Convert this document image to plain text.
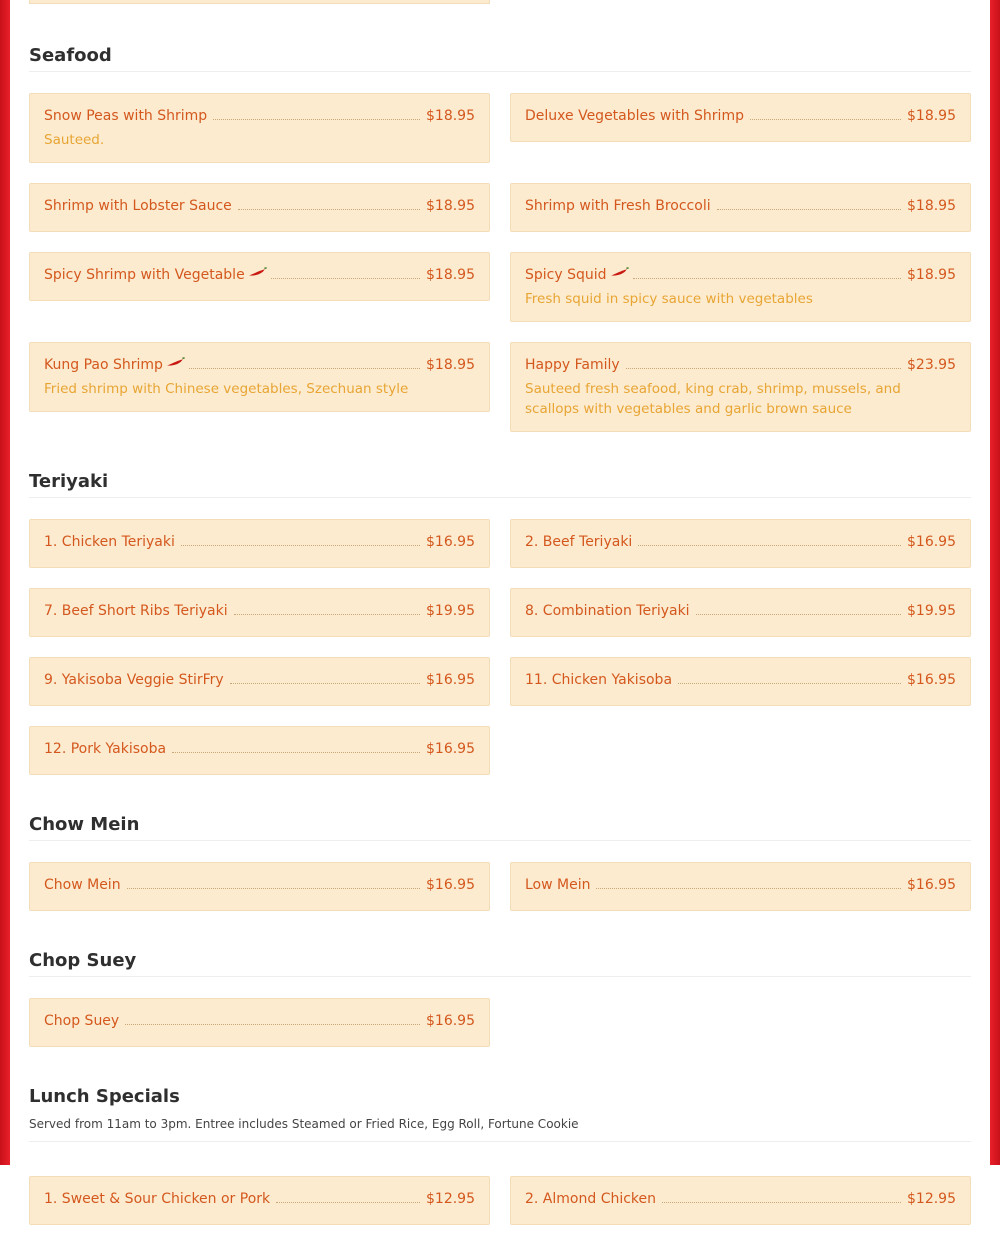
Seafood
Snow Peas with Shrimp	$18.95
Sauteed.
Deluxe Vegetables with Shrimp	$18.95
Shrimp with Lobster Sauce	$18.95	Shrimp with Fresh Broccoli	$18.95
Spicy Shrimp with Vegetable	$18.95	Spicy Squid	$18.95
Fresh squid in spicy sauce with vegetables
Kung Pao Shrimp	$18.95
Fried shrimp with Chinese vegetables, Szechuan style
Happy Family	$23.95
Sauteed fresh seafood, king crab, shrimp, mussels, and scallops with vegetables and garlic brown sauce
Teriyaki
1. Chicken Teriyaki	$16.95	2. Beef Teriyaki	$16.95
7. Beef Short Ribs Teriyaki	$19.95	8. Combination Teriyaki	$19.95
9. Yakisoba Veggie StirFry	$16.95	11. Chicken Yakisoba	$16.95
12. Pork Yakisoba	$16.95
Chow Mein
Chow Mein	$16.95	Low Mein	$16.95
Chop Suey
Chop Suey	$16.95
Lunch Specials
Served from 11am to 3pm. Entree includes Steamed or Fried Rice, Egg Roll, Fortune Cookie
1. Sweet & Sour Chicken or Pork	$12.95	2. Almond Chicken	$12.95
